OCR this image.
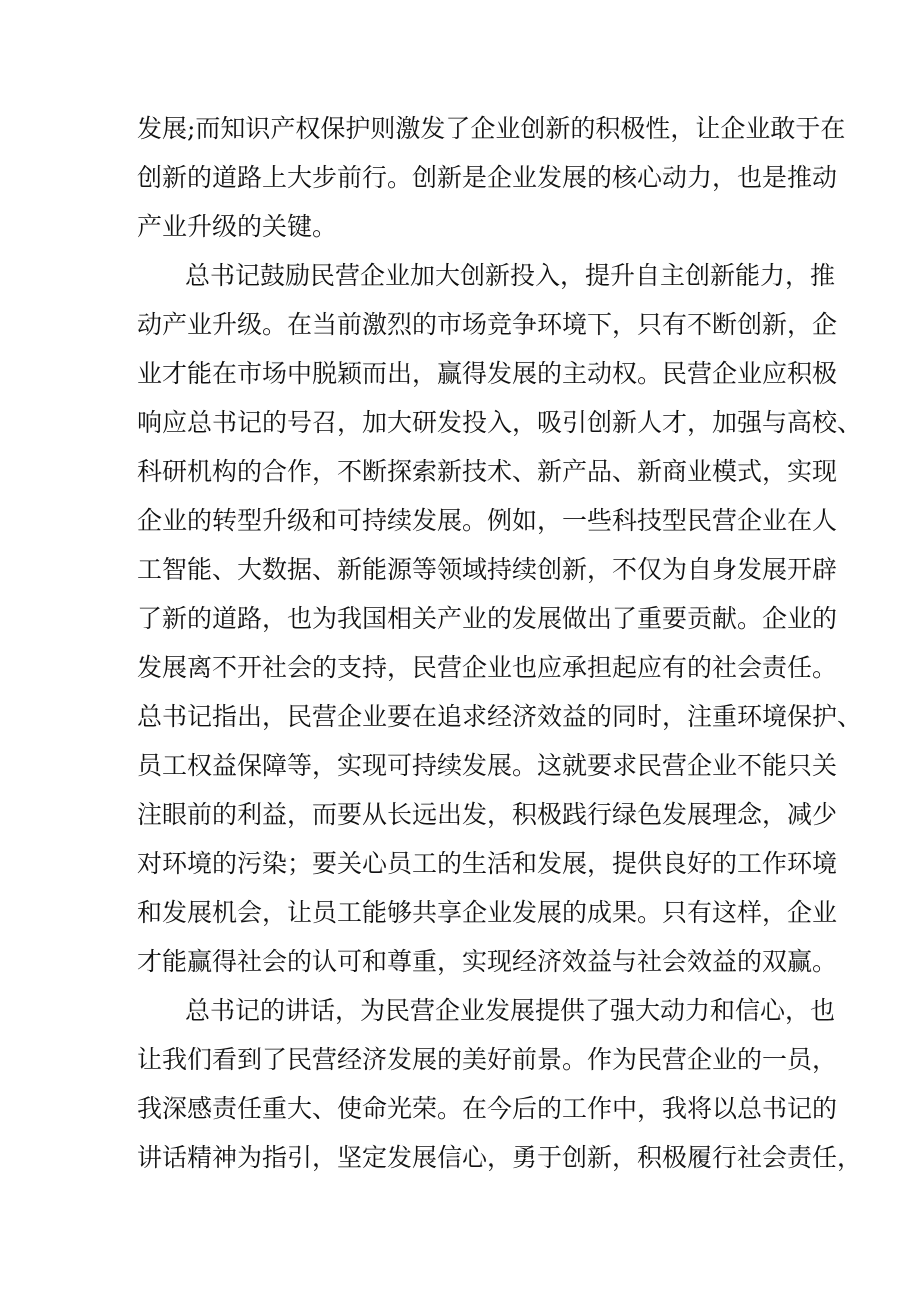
发展;而知识产权保护则激发了企业创新的积极性，让企业敢于在
创新的道路上大步前行。创新是企业发展的核心动力，也是推动
产业升级的关键。
总书记鼓励民营企业加大创新投入，提升自主创新能力，推
动产业升级。在当前激烈的市场竞争环境下，只有不断创新，企
业才能在市场中脱颖而出，赢得发展的主动权。民营企业应积极
响应总书记的号召，加大研发投入，吸引创新人才，加强与高校、
科研机构的合作，不断探索新技术、新产品、新商业模式，实现
企业的转型升级和可持续发展。例如，一些科技型民营企业在人
工智能、大数据、新能源等领域持续创新，不仅为自身发展开辟
了新的道路，也为我国相关产业的发展做出了重要贡献。企业的
发展离不开社会的支持，民营企业也应承担起应有的社会责任。
总书记指出，民营企业要在追求经济效益的同时，注重环境保护、
员工权益保障等，实现可持续发展。这就要求民营企业不能只关
注眼前的利益，而要从长远出发，积极践行绿色发展理念，减少
对环境的污染；要关心员工的生活和发展，提供良好的工作环境
和发展机会，让员工能够共享企业发展的成果。只有这样，企业
才能赢得社会的认可和尊重，实现经济效益与社会效益的双赢。
总书记的讲话，为民营企业发展提供了强大动力和信心，也
让我们看到了民营经济发展的美好前景。作为民营企业的一员，
我深感责任重大、使命光荣。在今后的工作中，我将以总书记的
讲话精神为指引，坚定发展信心，勇于创新，积极履行社会责任，
